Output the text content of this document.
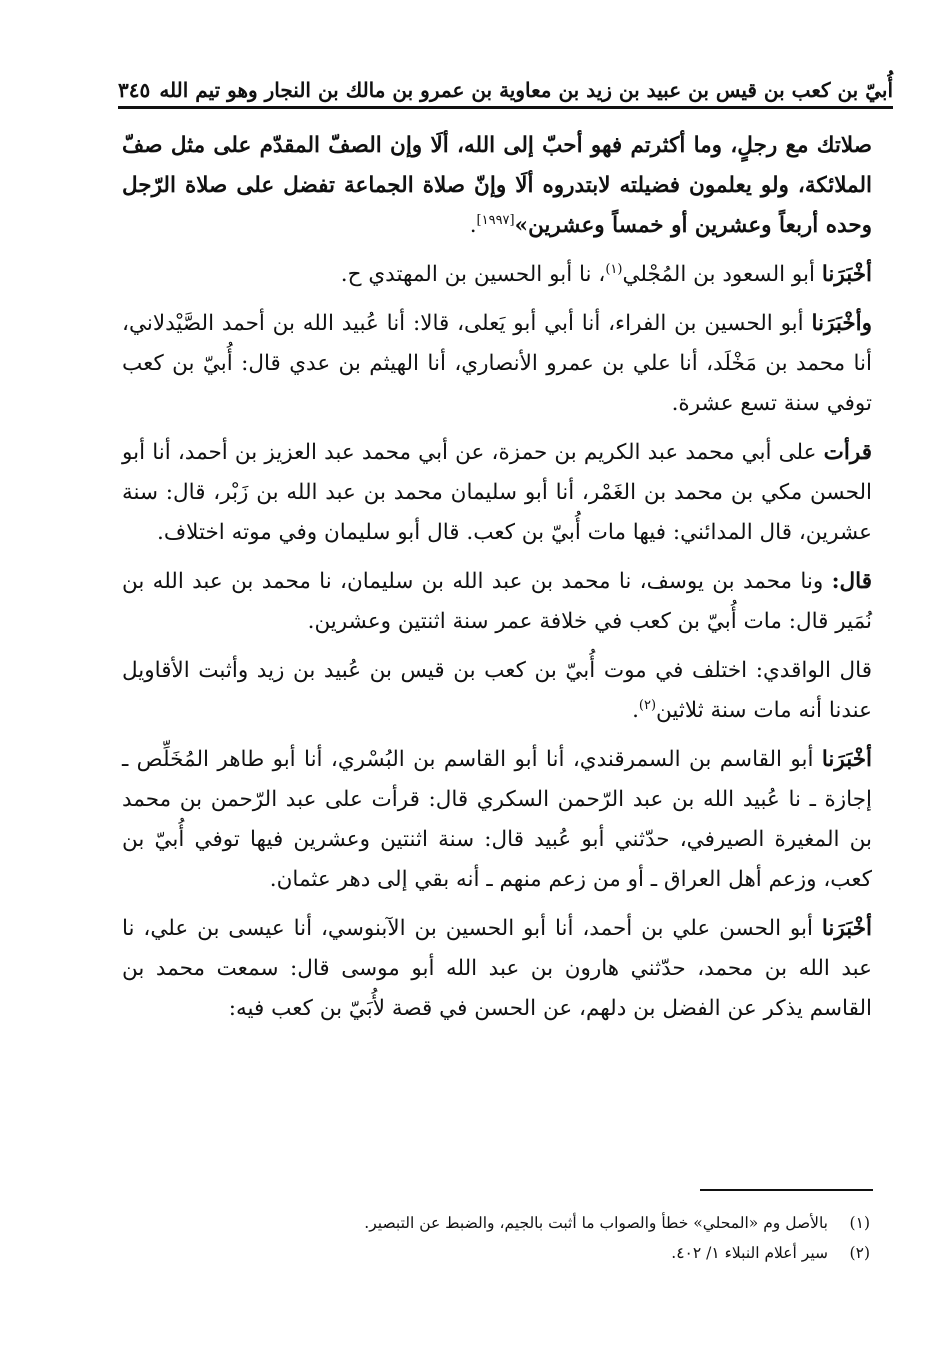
أُبيّ بن كعب بن قيس بن عبيد بن زيد بن معاوية بن عمرو بن مالك بن النجار وهو تيم الله
٣٤٥

صلاتك مع رجلٍ، وما أكثرتم فهو أحبّ إلى الله، ألَا وإن الصفّ المقدّم على مثل صفّ الملائكة، ولو يعلمون فضيلته لابتدروه ألَا وإنّ صلاة الجماعة تفضل على صلاة الرّجل وحده أربعاً وعشرين أو خمساً وعشرين»[١٩٩٧].

أخْبَرَنا أبو السعود بن المُجْلي$^{(١)}$، نا أبو الحسين بن المهتدي ح.

وأخْبَرَنا أبو الحسين بن الفراء، أنا أبي أبو يَعلى، قالا: أنا عُبيد الله بن أحمد الصَّيْدلاني، أنا محمد بن مَخْلَد، أنا علي بن عمرو الأنصاري، أنا الهيثم بن عدي قال: أُبيّ بن كعب توفي سنة تسع عشرة.

قرأت على أبي محمد عبد الكريم بن حمزة، عن أبي محمد عبد العزيز بن أحمد، أنا أبو الحسن مكي بن محمد بن الغَمْر، أنا أبو سليمان محمد بن عبد الله بن زَبْر، قال: سنة عشرين، قال المدائني: فيها مات أُبيّ بن كعب. قال أبو سليمان وفي موته اختلاف.

قال: ونا محمد بن يوسف، نا محمد بن عبد الله بن سليمان، نا محمد بن عبد الله بن نُمَير قال: مات أُبيّ بن كعب في خلافة عمر سنة اثنتين وعشرين.

قال الواقدي: اختلف في موت أُبيّ بن كعب بن قيس بن عُبيد بن زيد وأثبت الأقاويل عندنا أنه مات سنة ثلاثين$^{(٢)}$.

أخْبَرَنا أبو القاسم بن السمرقندي، أنا أبو القاسم بن البُسْري، أنا أبو طاهر المُخَلِّص ـ إجازة ـ نا عُبيد الله بن عبد الرّحمن السكري قال: قرأت على عبد الرّحمن بن محمد بن المغيرة الصيرفي، حدّثني أبو عُبيد قال: سنة اثنتين وعشرين فيها توفي أُبيّ بن كعب، وزعم أهل العراق ـ أو من زعم منهم ـ أنه بقي إلى دهر عثمان.

أخْبَرَنا أبو الحسن علي بن أحمد، أنا أبو الحسين بن الآبنوسي، أنا عيسى بن علي، نا عبد الله بن محمد، حدّثني هارون بن عبد الله أبو موسى قال: سمعت محمد بن القاسم يذكر عن الفضل بن دلهم، عن الحسن في قصة لأُبَيّ بن كعب فيه:

(١)
بالأصل وم «المحلي» خطأ والصواب ما أثبت بالجيم، والضبط عن التبصير.
(٢)
سير أعلام النبلاء ١/ ٤٠٢.
